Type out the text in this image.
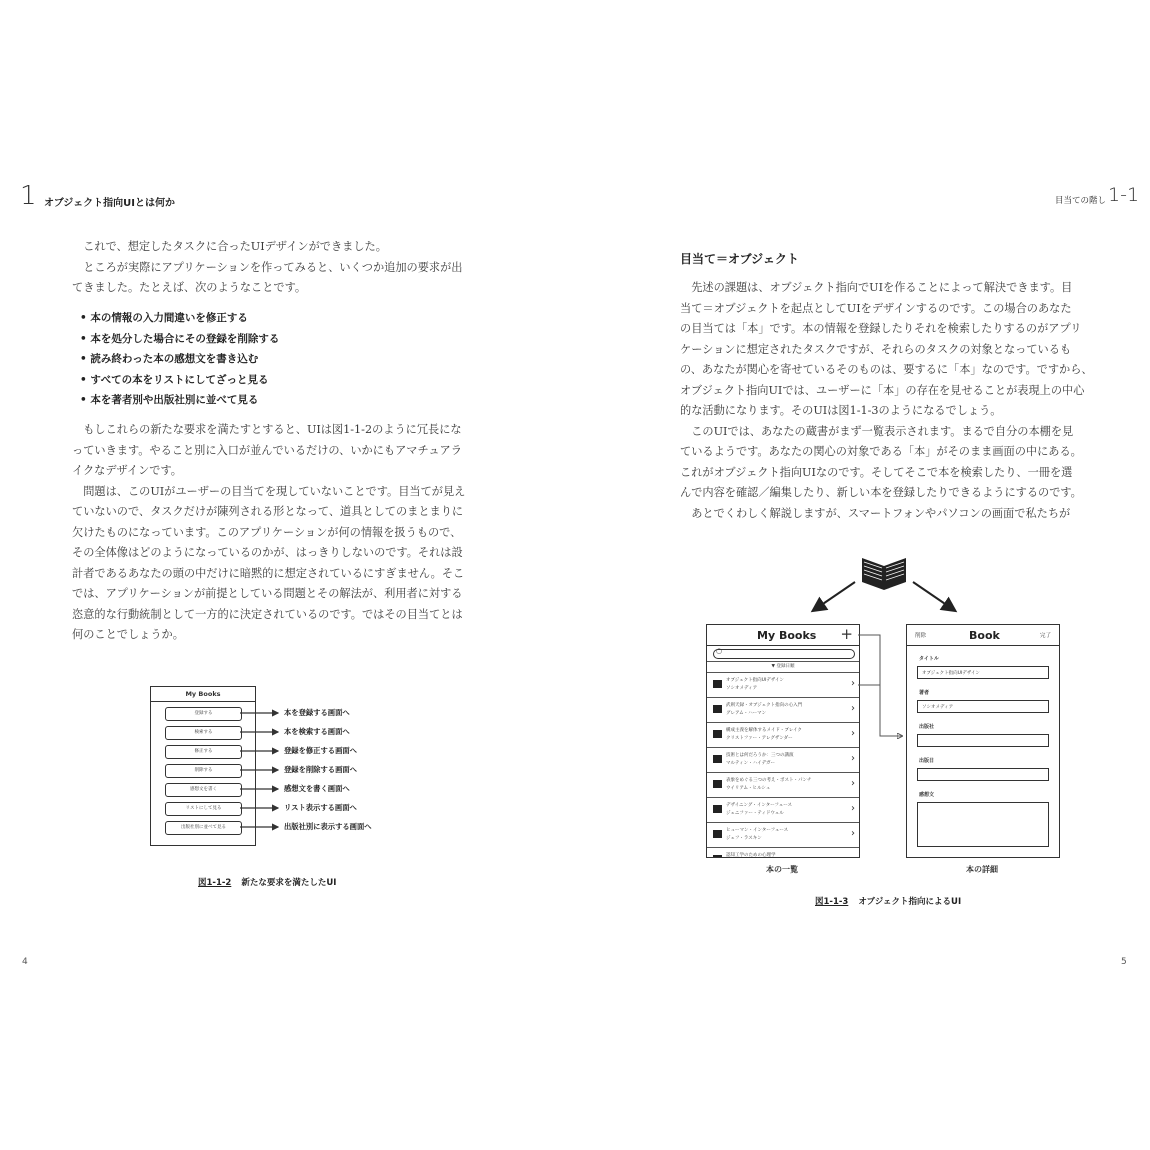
1 オブジェクト指向UIとは何か

これで、想定したタスクに合ったUIデザインができました。

ところが実際にアプリケーションを作ってみると、いくつか追加の要求が出

てきました。たとえば、次のようなことです。

• 本の情報の入力間違いを修正する
• 本を処分した場合にその登録を削除する
• 読み終わった本の感想文を書き込む
• すべての本をリストにしてざっと見る
• 本を著者別や出版社別に並べて見る

もしこれらの新たな要求を満たすとすると、UIは図1-1-2のように冗長にな

っていきます。やること別に入口が並んでいるだけの、いかにもアマチュアラ

イクなデザインです。

問題は、このUIがユーザーの目当てを現していないことです。目当てが見え

ていないので、タスクだけが陳列される形となって、道具としてのまとまりに

欠けたものになっています。このアプリケーションが何の情報を扱うもので、

その全体像はどのようになっているのかが、はっきりしないのです。それは設

計者であるあなたの頭の中だけに暗黙的に想定されているにすぎません。そこ

では、アプリケーションが前提としている問題とその解法が、利用者に対する

恣意的な行動統制として一方的に決定されているのです。ではその目当てとは

何のことでしょうか。

My Books
登録する
検索する
修正する
削除する
感想文を書く
リストにして見る
出版社別に並べて見る
本を登録する画面へ
本を検索する画面へ
登録を修正する画面へ
登録を削除する画面へ
感想文を書く画面へ
リスト表示する画面へ
出版社別に表示する画面へ
図1-1-2 新たな要求を満たしたUI
4
目当ての階し 1-1
目当て＝オブジェクト

先述の課題は、オブジェクト指向でUIを作ることによって解決できます。目

当て＝オブジェクトを起点としてUIをデザインするのです。この場合のあなた

の目当ては「本」です。本の情報を登録したりそれを検索したりするのがアプリ

ケーションに想定されたタスクですが、それらのタスクの対象となっているも

の、あなたが関心を寄せているそのものは、要するに「本」なのです。ですから、

オブジェクト指向UIでは、ユーザーに「本」の存在を見せることが表現上の中心

的な活動になります。そのUIは図1-1-3のようになるでしょう。

このUIでは、あなたの蔵書がまず一覧表示されます。まるで自分の本棚を見

ているようです。あなたの関心の対象である「本」がそのまま画面の中にある。

これがオブジェクト指向UIなのです。そしてそこで本を検索したり、一冊を選

んで内容を確認／編集したり、新しい本を登録したりできるようにするのです。

あとでくわしく解説しますが、スマートフォンやパソコンの画面で私たちが

My Books +
○
▼ 登録日順
オブジェクト指向UIデザイン
ソシオメディア	›
武則天録・オブジェクト指向の心入門
グレアム・ハーマン	›
構成主義を解体するメイド・ブレイク
クリストファー・アレグザンダー	›
技術とは何だろうか：三つの講演
マルティン・ハイデガー	›
表象をめぐる三つの考え・ポスト・パンチ
ウイリアム・ヒルシュ	›
デザイニング・インターフェース
ジェニファー・ティドウェル	›
ヒューマン・インターフェース
ジェフ・ラスキン	›
認知工学のための心理学
削除	Book	完了
タイトル
オブジェクト指向UIデザイン
著者
ソシオメディア
出版社
出版日
感想文
本の一覧	本の詳細
図1-1-3 オブジェクト指向によるUI
5
